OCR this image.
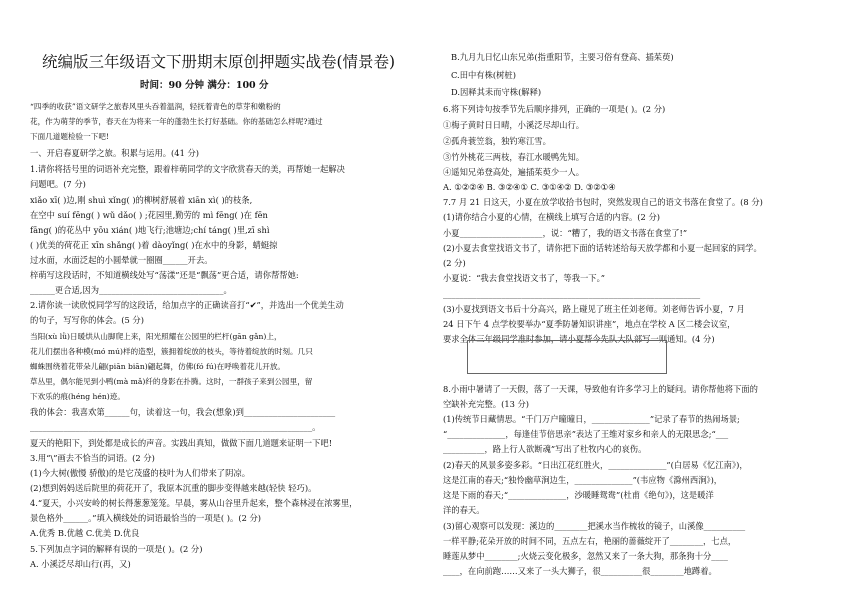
统编版三年级语文下册期末原创押题实战卷(情景卷)
时间：90 分钟 满分：100 分
“四季的收获”语文研学之旅春风里头吞着温润，轻抚着青色的草芽和嫩粉的
花，作为萌芽的季节，春天在为将来一年的蓬勃生长打好基础。你的基础怎么样呢?通过
下面几道题检验一下吧!
一、开启春夏研学之旅。积累与运用。(41 分)
1.请你将括号里的词语补充完整，跟着梓萌同学的文字欣赏春天的美，再帮她一起解决
问题吧。(7 分)
xiǎo xī( )边,刚 shuì xǐng( )的柳树舒展着 xiān xì( )的枝条,
在空中 suí fēng( ) wǔ dǎo( ) ;花园里,勤劳的 mì fēng( )在 fēn
fāng( )的花丛中 yōu xián( )地飞行;池塘边;chí táng( )里,zī shì
( )优美的荷花正 xīn shǎng( )着 dàoyǐng( )在水中的身影，蜻蜓掠
过水面，水面泛起的小圆晕就一圈圈______开去。
梓萌写这段话时，不知道横线处写“荡漾”还是“飘荡”更合适，请你帮帮她:
______更合适,因为______________________________。
2.请你读一读欣悦同学写的这段话，给加点字的正确读音打“✔”，并选出一个优美生动
的句子，写写你的体会。(5 分)
当阳(xù lǜ)日暖烘从山脚爬上来，阳光照耀在公园里的栏杆(gān gǎn)上，
花儿们摆出各种模(mó mú)样的造型，簇拥着绽放的枝头，等待着绽放的时刻。几只
蜘蛛围绕着花带朵儿翩(piān biān)翩起舞，仿佛(fó fú)在呼唤着花儿开放。
草丛里，偶尔能见到小鸭(mà mǎ)纤的身影在扑腾。这时，一群孩子来到公园里，留
下欢乐的痕(héng hén)迹。
我的体会：我喜欢第______句，读着这一句，我会(想象)到______________________
____________________________________________________________________。
夏天的艳阳下，到处都是成长的声音。实践出真知，做做下面几道题来证明一下吧!
3.用“\”画去不恰当的词语。(2 分)
(1)今大树(傲慢 骄傲)的是它茂盛的枝叶为人们带来了阴凉。
(2)想到妈妈送后院里的荷花开了，我原本沉重的脚步变得越来越(轻快 轻巧)。
4.“夏天，小兴安岭的树长得葱葱笼笼。早晨，雾从山谷里升起来，整个森林浸在浓雾里，
景色格外______。”填入横线处的词语最恰当的一项是( )。(2 分)
A.优秀 B.优越 C.优美 D.优良
5.下列加点字词的解释有误的一项是( )。(2 分)
A. 小溪泛尽却山行(再，又)
B.九月九日忆山东兄弟(指重阳节，主要习俗有登高、插茱萸)
C.田中有株(树桩)
D.因释其耒而守株(解释)
6.将下列诗句按季节先后顺序排列，正确的一项是( )。(2 分)
①梅子黄时日日晴，小溪泛尽却山行。
②孤舟蓑笠翁，独钓寒江雪。
③竹外桃花三两枝，春江水暖鸭先知。
④遥知兄弟登高处，遍插茱萸少一人。
A. ①②②④ B. ③②④① C. ③①④② D. ③②①④
7.7 月 21 日这天，小夏在放学收拾书包时，突然发现自己的语文书落在食堂了。(8 分)
(1)请你结合小夏的心情，在横线上填写合适的内容。(2 分)
小夏____________________，说：“糟了，我的语文书落在食堂了!”
(2)小夏去食堂找语文书了，请你把下面的话转述给每天放学都和小夏一起回家的同学。
(2 分)
小夏说：“我去食堂找语文书了，等我一下。”
______________________________________________________________
(3)小夏找到语文书后十分高兴，路上碰见了班主任刘老师。刘老师告诉小夏，7 月
24 日下午 4 点学校要举办“夏季防暑知识讲座”，地点在学校 A 区二楼会议室，
要求全体三年级同学准时参加，请小夏帮今先队大队部写一则通知。(4 分)
8.小雨中暑请了一天假，落了一天课，导致他有许多学习上的疑问。请你帮他将下面的
空缺补充完整。(13 分)
(1)传统节日藏情思。“千门万户曈曈日，______________”记录了春节的热闹场景;
“______________，每逢佳节倍思亲”表达了王维对家乡和亲人的无限思念;“___
__________，路上行人欲断魂”写出了杜牧内心的哀伤。
(2)春天的风景多姿多彩。“日出江花红胜火，______________”(白居易《忆江南》)，
这是江南的春天;“独怜幽草涧边生，______________”(韦应物《滁州西涧》)，
这是下雨的春天;“______________，沙暖睡鸳鸯”(杜甫《绝句》)，这是暖洋
洋的春天。
(3)留心观察可以发现：溪边的________把溪水当作梳妆的镜子，山溪像__________
一样平静;花朵开放的时间不同，五点左右，艳丽的蔷薇绽开了________，七点，
睡莲从梦中________;火烧云变化极多，忽然又来了一条大狗，那条狗十分____
____，在向前跑……又来了一头大狮子，很__________很________地蹲着。
